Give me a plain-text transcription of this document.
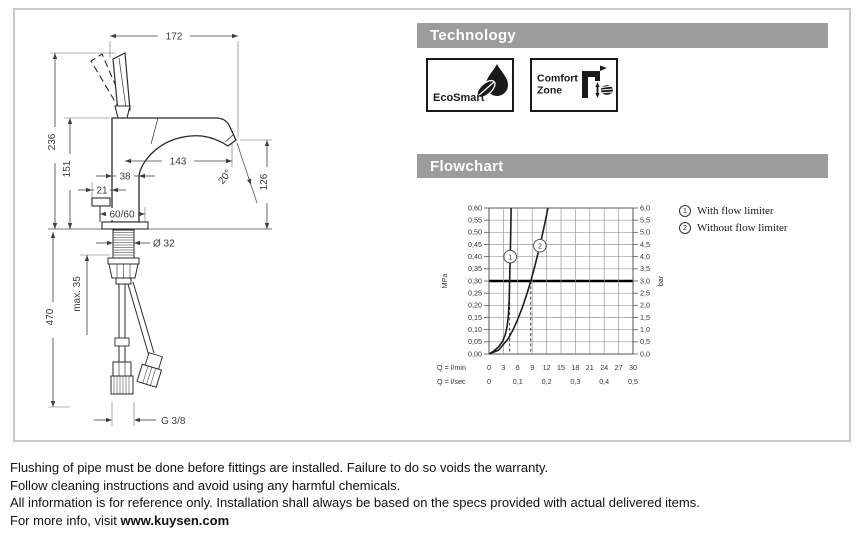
172
236
151
470
max. 35
38
21
60/60
Ø 32
143
20° 126
G 3/8
Technology
EcoSmart
Comfort Zone
Flowchart
0,00	0,0
0,05	0,5
0,10	1,0
0,15	1,5
0,20	2,0
0,25	2,5
0,30	3,0
0,35	3,5
0,40	4,0
0,45	4,5
0,50	5,0
0,55	5,5
0,60	6,0
0 3 6 9 12 15 18 21 24 27 30
0	0,1	0,2	0,3	0,4	0,5
Q = l/min
Q = l/sec
MPa	bar
1
2
1 With flow limiter
2 Without flow limiter
Flushing of pipe must be done before fittings are installed. Failure to do so voids the warranty.
Follow cleaning instructions and avoid using any harmful chemicals.
All information is for reference only. Installation shall always be based on the specs provided with actual delivered items.
For more info, visit www.kuysen.com
